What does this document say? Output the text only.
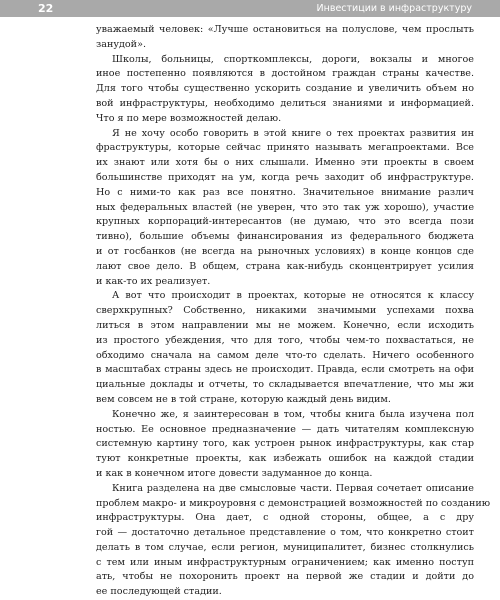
22	Инвестиции в инфраструктуру
уважаемый человек: «Лучше остановиться на полуслове, чем прослыть
занудой».
Школы, больницы, спорткомплексы, дороги, вокзалы и многое
иное постепенно появляются в достойном граждан страны качестве.
Для того чтобы существенно ускорить создание и увеличить объем но
вой инфраструктуры, необходимо делиться знаниями и информацией.
Что я по мере возможностей делаю.
Я не хочу особо говорить в этой книге о тех проектах развития ин
фраструктуры, которые сейчас принято называть мегапроектами. Все
их знают или хотя бы о них слышали. Именно эти проекты в своем
большинстве приходят на ум, когда речь заходит об инфраструктуре.
Но с ними-то как раз все понятно. Значительное внимание различ
ных федеральных властей (не уверен, что это так уж хорошо), участие
крупных корпораций-интересантов (не думаю, что это всегда пози
тивно), большие объемы финансирования из федерального бюджета
и от госбанков (не всегда на рыночных условиях) в конце концов сде
лают свое дело. В общем, страна как-нибудь сконцентрирует усилия
и как-то их реализует.
А вот что происходит в проектах, которые не относятся к классу
сверхкрупных? Собственно, никакими значимыми успехами похва
литься в этом направлении мы не можем. Конечно, если исходить
из простого убеждения, что для того, чтобы чем-то похвастаться, не
обходимо сначала на самом деле что-то сделать. Ничего особенного
в масштабах страны здесь не происходит. Правда, если смотреть на офи
циальные доклады и отчеты, то складывается впечатление, что мы жи
вем совсем не в той стране, которую каждый день видим.
Конечно же, я заинтересован в том, чтобы книга была изучена пол
ностью. Ее основное предназначение — дать читателям комплексную
системную картину того, как устроен рынок инфраструктуры, как стар
туют конкретные проекты, как избежать ошибок на каждой стадии
и как в конечном итоге довести задуманное до конца.
Книга разделена на две смысловые части. Первая сочетает описание
проблем макро- и микроуровня с демонстрацией возможностей по созданию
инфраструктуры. Она дает, с одной стороны, общее, а с дру
гой — достаточно детальное представление о том, что конкретно стоит
делать в том случае, если регион, муниципалитет, бизнес столкнулись
с тем или иным инфраструктурным ограничением; как именно поступ
ать, чтобы не похоронить проект на первой же стадии и дойти до
ее последующей стадии.
